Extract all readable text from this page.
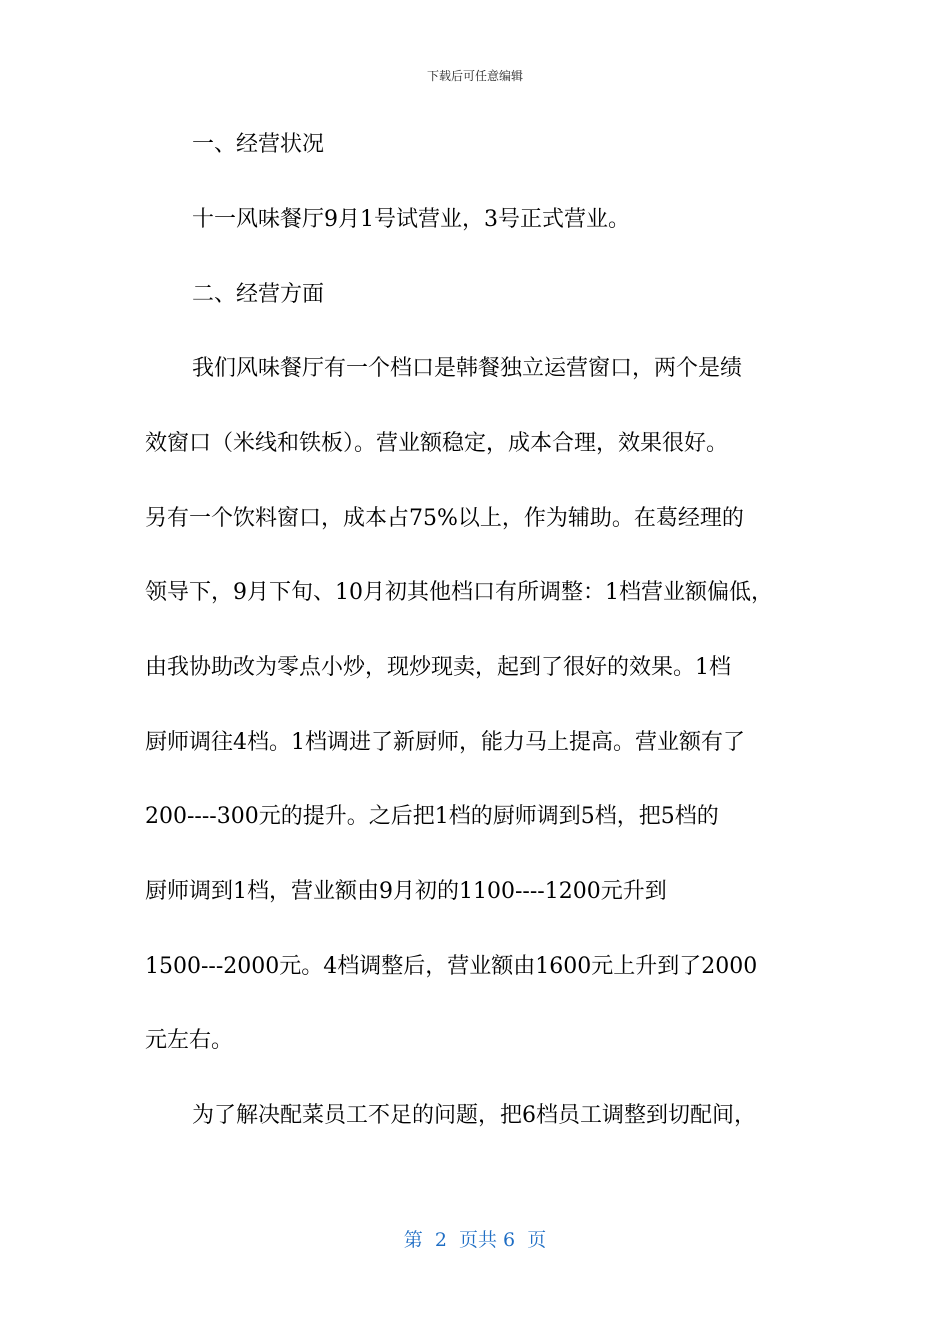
下载后可任意编辑
一、经营状况
十一风味餐厅9月1号试营业，3号正式营业。
二、经营方面
我们风味餐厅有一个档口是韩餐独立运营窗口，两个是绩
效窗口（米线和铁板）。营业额稳定，成本合理，效果很好。
另有一个饮料窗口，成本占75%以上，作为辅助。在葛经理的
领导下，9月下旬、10月初其他档口有所调整：1档营业额偏低，
由我协助改为零点小炒，现炒现卖，起到了很好的效果。1档
厨师调往4档。1档调进了新厨师，能力马上提高。营业额有了
200----300元的提升。之后把1档的厨师调到5档，把5档的
厨师调到1档，营业额由9月初的1100----1200元升到
1500---2000元。4档调整后，营业额由1600元上升到了2000
元左右。
为了解决配菜员工不足的问题，把6档员工调整到切配间，
第  2  页共 6  页
